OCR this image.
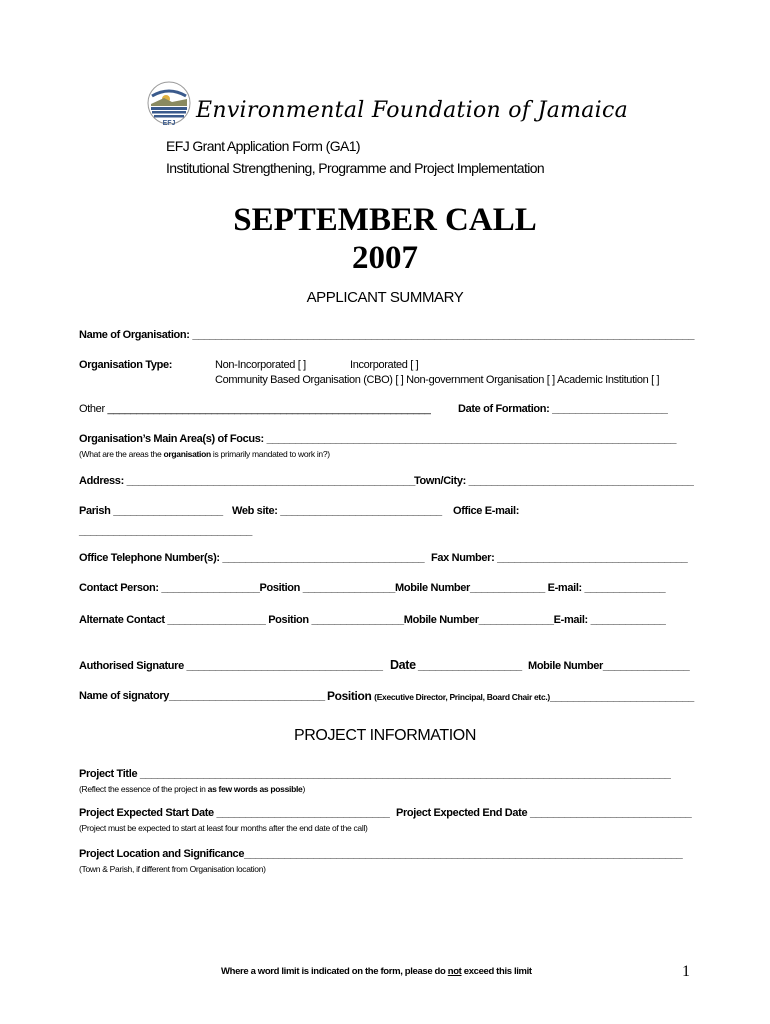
EFJ
Environmental Foundation of Jamaica
EFJ Grant Application Form (GA1)
Institutional Strengthening, Programme and Project Implementation
SEPTEMBER CALL
2007
APPLICANT SUMMARY
Name of Organisation: _______________________________________________________________________________________
Organisation Type:	Non-Incorporated [ ]	Incorporated [ ]
Community Based Organisation (CBO) [ ] Non-government Organisation [ ] Academic Institution [ ]
Other ________________________________________________________	Date of Formation: ____________________
Organisation’s Main Area(s) of Focus: _______________________________________________________________________
(What are the areas the organisation is primarily mandated to work in?)
Address: __________________________________________________ Town/City: _______________________________________
Parish ___________________ Web site: ____________________________ Office E-mail:
______________________________
Office Telephone Number(s): ___________________________________ Fax Number: _________________________________
Contact Person: _________________Position ________________Mobile Number_____________ E-mail: ______________
Alternate Contact _________________ Position ________________Mobile Number_____________E-mail: _____________
Authorised Signature __________________________________ Date __________________ Mobile Number_______________
Name of signatory___________________________ Position (Executive Director, Principal, Board Chair etc.)_________________________
PROJECT INFORMATION
Project Title ____________________________________________________________________________________________
(Reflect the essence of the project in as few words as possible)
Project Expected Start Date ______________________________ Project Expected End Date ____________________________
(Project must be expected to start at least four months after the end date of the call)
Project Location and Significance____________________________________________________________________________
(Town & Parish, if different from Organisation location)
Where a word limit is indicated on the form, please do not exceed this limit	1
